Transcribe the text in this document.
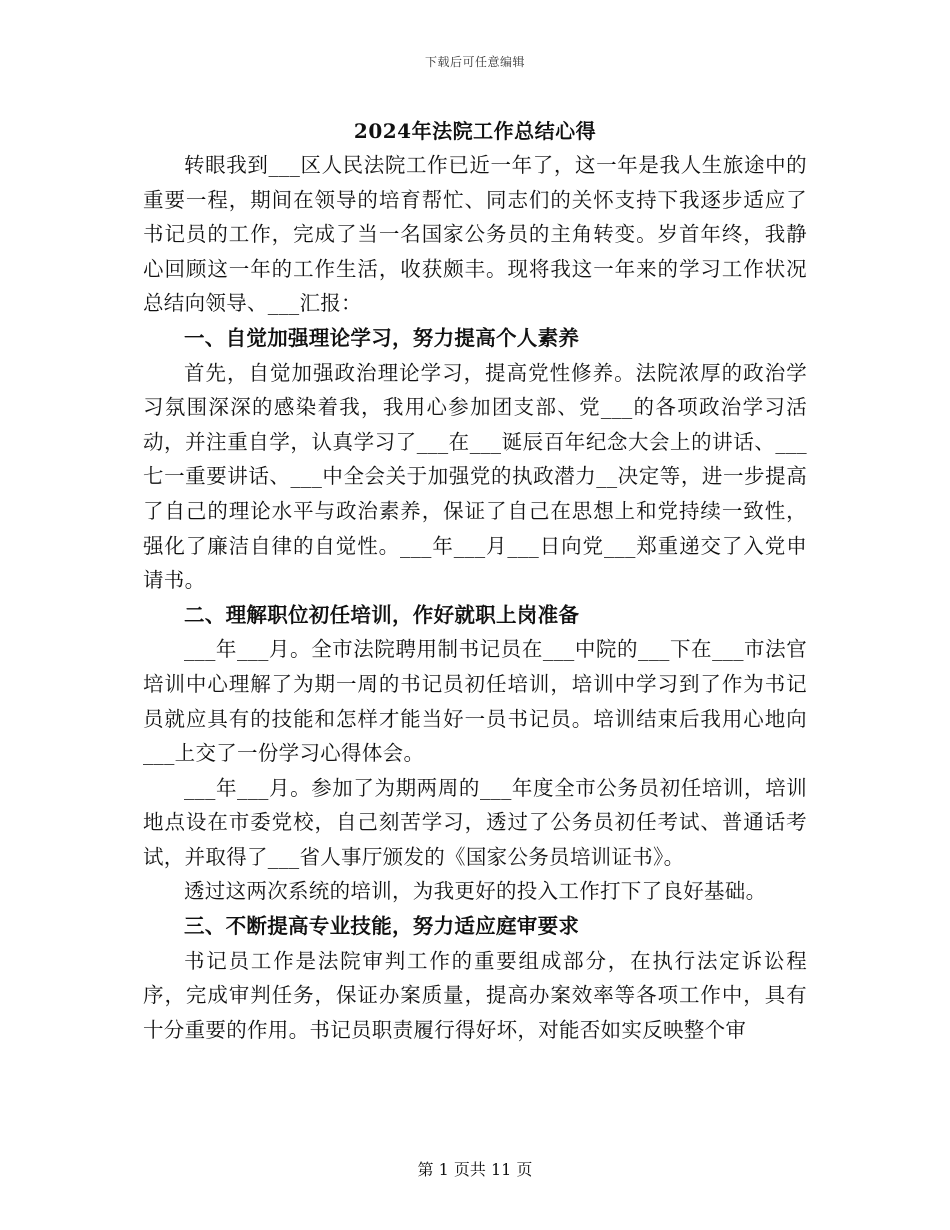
下载后可任意编辑
2024年法院工作总结心得

转眼我到___区人民法院工作已近一年了，这一年是我人生旅途中的重要一程，期间在领导的培育帮忙、同志们的关怀支持下我逐步适应了书记员的工作，完成了当一名国家公务员的主角转变。岁首年终，我静心回顾这一年的工作生活，收获颇丰。现将我这一年来的学习工作状况总结向领导、___汇报：

一、自觉加强理论学习，努力提高个人素养

首先，自觉加强政治理论学习，提高党性修养。法院浓厚的政治学习氛围深深的感染着我，我用心参加团支部、党___的各项政治学习活动，并注重自学，认真学习了___在___诞辰百年纪念大会上的讲话、___七一重要讲话、___中全会关于加强党的执政潜力__决定等，进一步提高了自己的理论水平与政治素养，保证了自己在思想上和党持续一致性，强化了廉洁自律的自觉性。___年___月___日向党___郑重递交了入党申请书。

二、理解职位初任培训，作好就职上岗准备

___年___月。全市法院聘用制书记员在___中院的___下在___市法官培训中心理解了为期一周的书记员初任培训，培训中学习到了作为书记员就应具有的技能和怎样才能当好一员书记员。培训结束后我用心地向___上交了一份学习心得体会。

___年___月。参加了为期两周的___年度全市公务员初任培训，培训地点设在市委党校，自己刻苦学习，透过了公务员初任考试、普通话考试，并取得了___省人事厅颁发的《国家公务员培训证书》。

透过这两次系统的培训，为我更好的投入工作打下了良好基础。

三、不断提高专业技能，努力适应庭审要求

书记员工作是法院审判工作的重要组成部分，在执行法定诉讼程序，完成审判任务，保证办案质量，提高办案效率等各项工作中，具有十分重要的作用。书记员职责履行得好坏，对能否如实反映整个审

第 1 页共 11 页
